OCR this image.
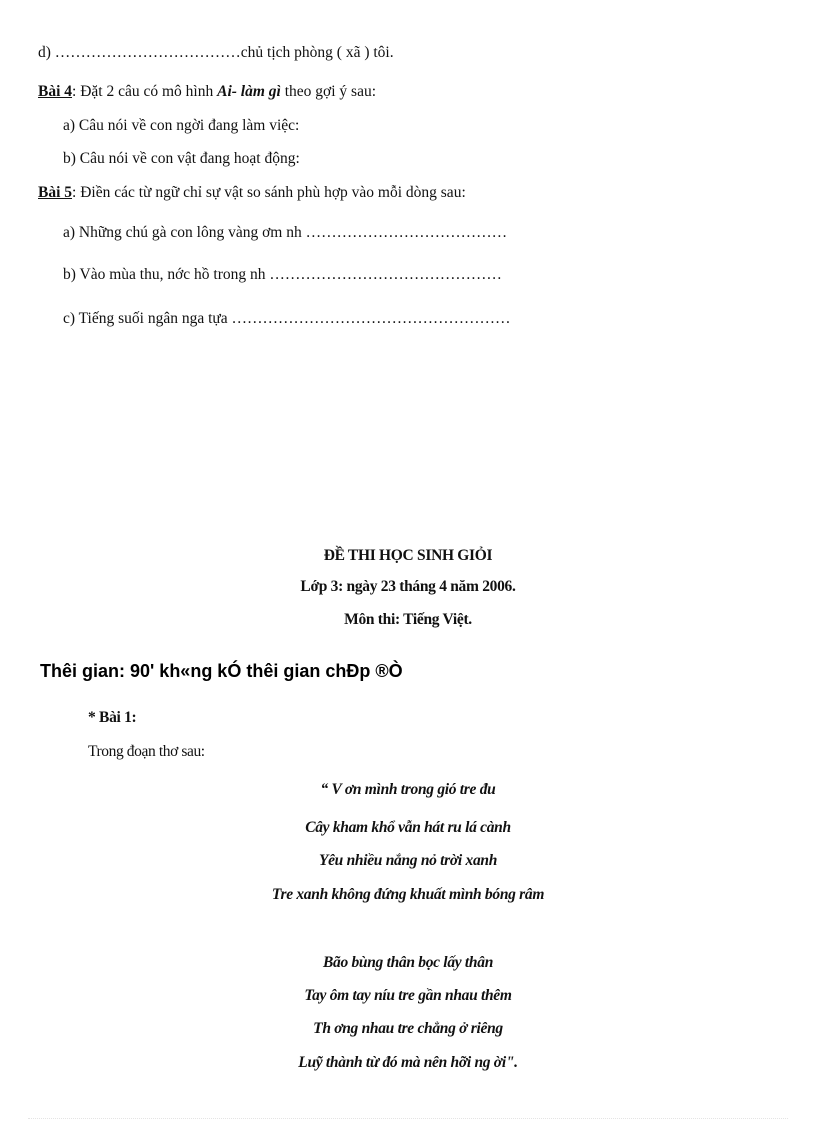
d) ………………………………chủ tịch phòng ( xã ) tôi.
Bài 4: Đặt 2 câu có mô hình Ai- làm gì theo gợi ý sau:
a) Câu nói về con ngời đang làm việc:
b) Câu nói về con vật đang hoạt động:
Bài 5: Điền các từ ngữ chỉ sự vật so sánh phù hợp vào mỗi dòng sau:
a) Những chú gà con lông vàng ơm nh …………………………………
b) Vào mùa thu, nớc hồ trong nh ………………………………………
c) Tiếng suối ngân nga tựa ………………………………………………
ĐỀ THI HỌC SINH GIỎI
Lớp 3: ngày 23 tháng 4 năm 2006.
Môn thi: Tiếng Việt.
Thêi gian: 90' kh«ng kÓ thêi gian chÐp ®Ò
* Bài 1:
Trong đoạn thơ sau:
“ V ơn mình trong gió tre đu
Cây kham khổ vẫn hát ru lá cành
Yêu nhiều nắng nỏ trời xanh
Tre xanh không đứng khuất mình bóng râm
Bão bùng thân bọc lấy thân
Tay ôm tay níu tre gần nhau thêm
Th ơng nhau tre chẳng ở riêng
Luỹ thành từ đó mà nên hỡi ng ời".
